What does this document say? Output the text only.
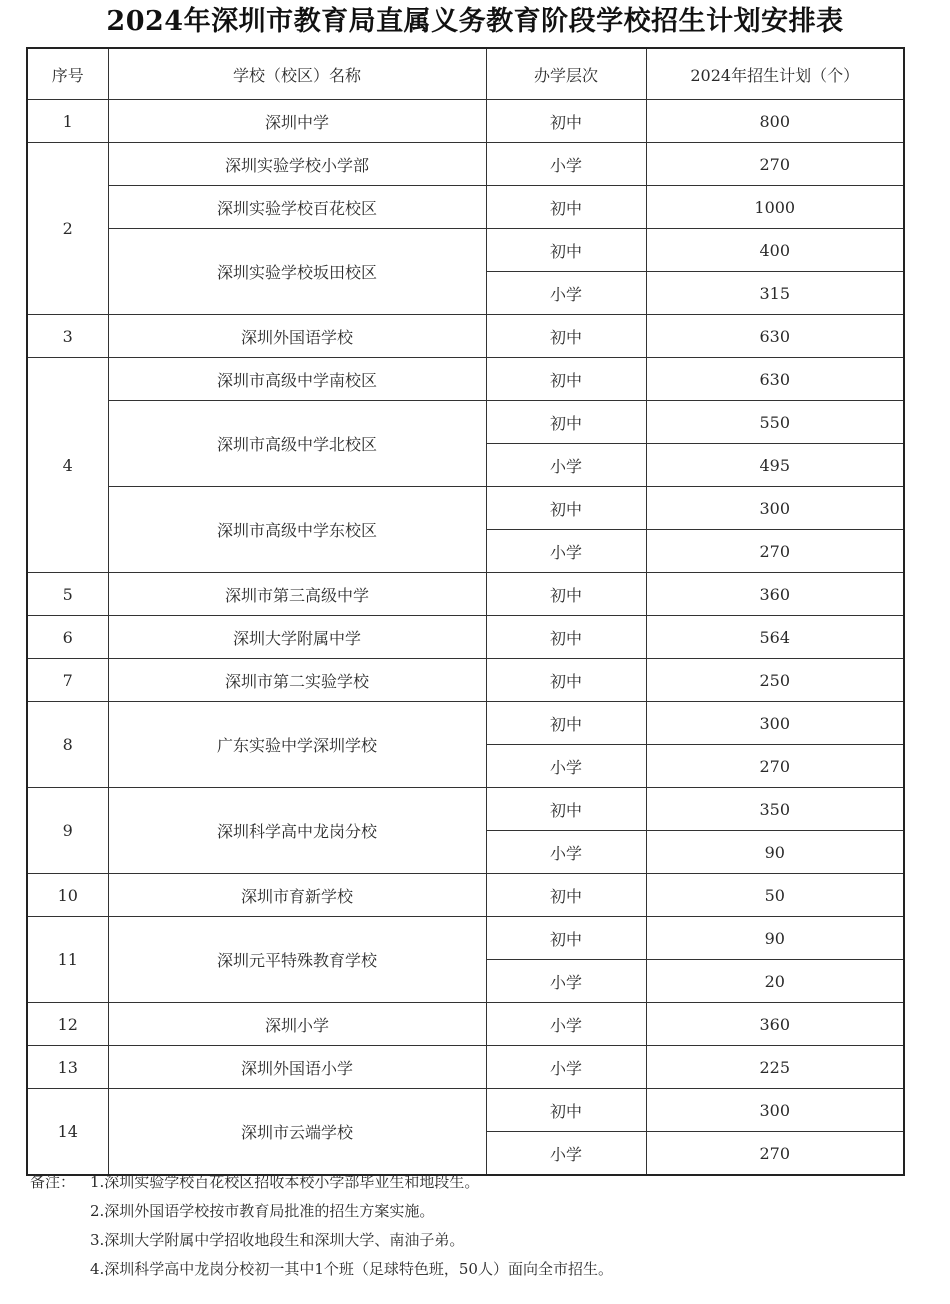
2024年深圳市教育局直属义务教育阶段学校招生计划安排表
序号	学校（校区）名称	办学层次	2024年招生计划（个）
1	深圳中学	初中	800
2	深圳实验学校小学部	小学	270
	深圳实验学校百花校区	初中	1000
	深圳实验学校坂田校区	初中	400
		小学	315
3	深圳外国语学校	初中	630
4	深圳市高级中学南校区	初中	630
	深圳市高级中学北校区	初中	550
		小学	495
	深圳市高级中学东校区	初中	300
		小学	270
5	深圳市第三高级中学	初中	360
6	深圳大学附属中学	初中	564
7	深圳市第二实验学校	初中	250
8	广东实验中学深圳学校	初中	300
		小学	270
9	深圳科学高中龙岗分校	初中	350
		小学	90
10	深圳市育新学校	初中	50
11	深圳元平特殊教育学校	初中	90
		小学	20
12	深圳小学	小学	360
13	深圳外国语小学	小学	225
14	深圳市云端学校	初中	300
		小学	270
备注： 1.深圳实验学校百花校区招收本校小学部毕业生和地段生。
2.深圳外国语学校按市教育局批准的招生方案实施。
3.深圳大学附属中学招收地段生和深圳大学、南油子弟。
4.深圳科学高中龙岗分校初一其中1个班（足球特色班，50人）面向全市招生。
